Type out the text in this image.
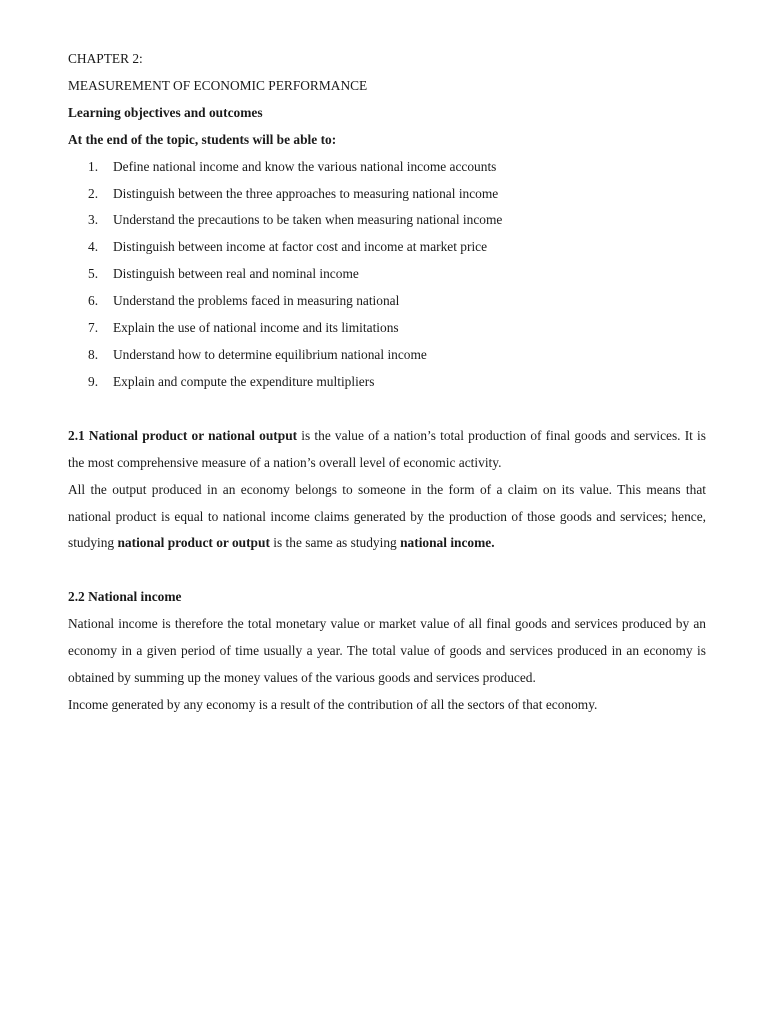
CHAPTER 2:

MEASUREMENT OF ECONOMIC PERFORMANCE

Learning objectives and outcomes

At the end of the topic, students will be able to:

1. Define national income and know the various national income accounts
2. Distinguish between the three approaches to measuring national income
3. Understand the precautions to be taken when measuring national income
4. Distinguish between income at factor cost and income at market price
5. Distinguish between real and nominal income
6. Understand the problems faced in measuring national
7. Explain the use of national income and its limitations
8. Understand how to determine equilibrium national income
9. Explain and compute the expenditure multipliers

2.1 National product or national output is the value of a nation’s total production of final goods and services. It is the most comprehensive measure of a nation’s overall level of economic activity.

All the output produced in an economy belongs to someone in the form of a claim on its value. This means that national product is equal to national income claims generated by the production of those goods and services; hence, studying national product or output is the same as studying national income.

2.2 National income

National income is therefore the total monetary value or market value of all final goods and services produced by an economy in a given period of time usually a year. The total value of goods and services produced in an economy is obtained by summing up the money values of the various goods and services produced.

Income generated by any economy is a result of the contribution of all the sectors of that economy.
